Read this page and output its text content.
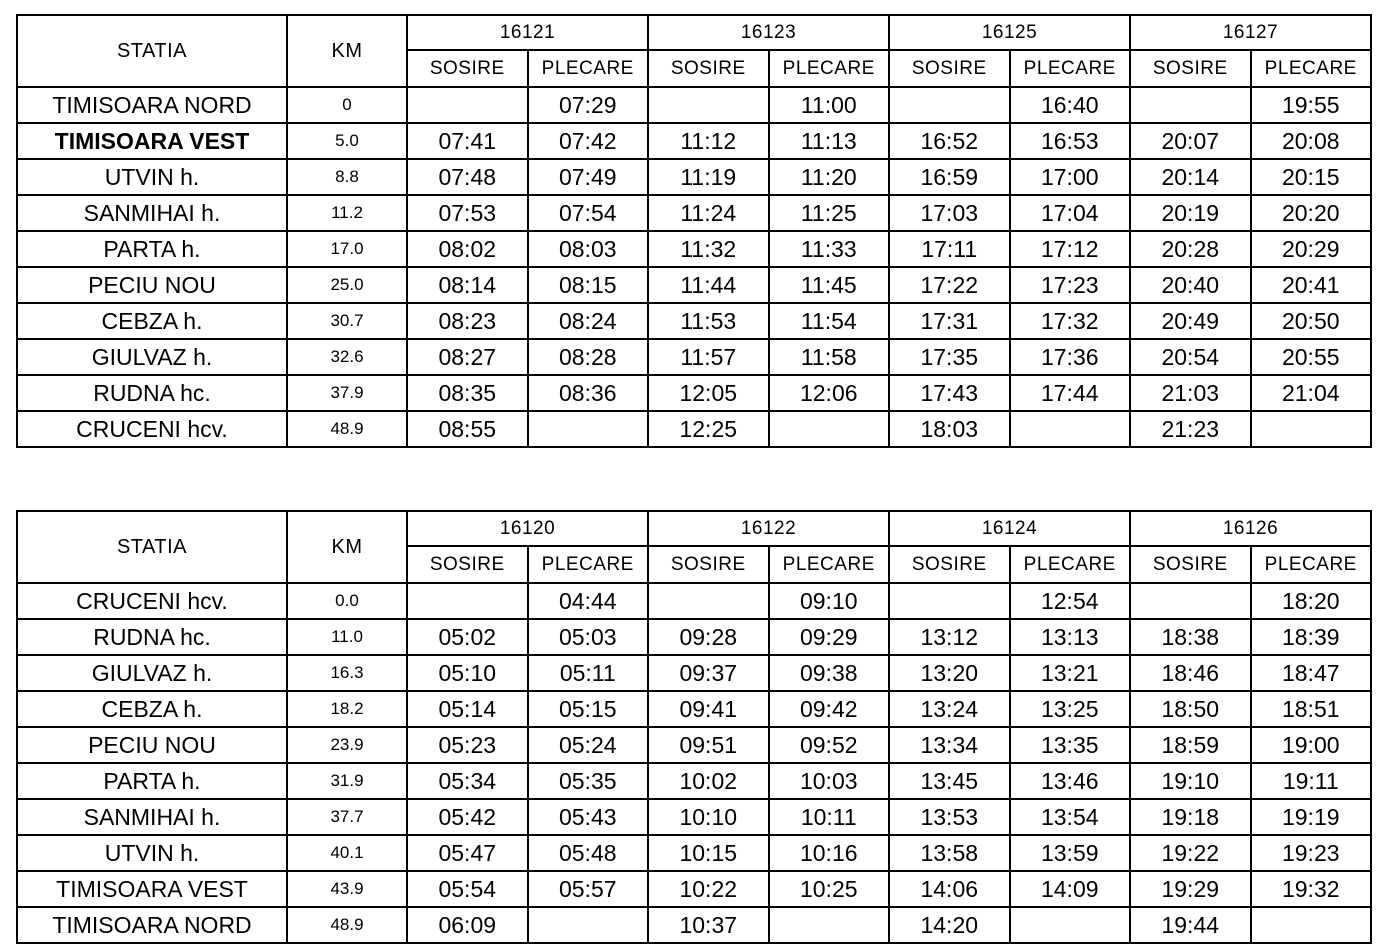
STATIA	KM	16121		16123		16125		16127	
		SOSIRE	PLECARE	SOSIRE	PLECARE	SOSIRE	PLECARE	SOSIRE	PLECARE
TIMISOARA NORD	0		07:29		11:00		16:40		19:55
TIMISOARA VEST	5.0	07:41	07:42	11:12	11:13	16:52	16:53	20:07	20:08
UTVIN h.	8.8	07:48	07:49	11:19	11:20	16:59	17:00	20:14	20:15
SANMIHAI h.	11.2	07:53	07:54	11:24	11:25	17:03	17:04	20:19	20:20
PARTA h.	17.0	08:02	08:03	11:32	11:33	17:11	17:12	20:28	20:29
PECIU NOU	25.0	08:14	08:15	11:44	11:45	17:22	17:23	20:40	20:41
CEBZA h.	30.7	08:23	08:24	11:53	11:54	17:31	17:32	20:49	20:50
GIULVAZ h.	32.6	08:27	08:28	11:57	11:58	17:35	17:36	20:54	20:55
RUDNA hc.	37.9	08:35	08:36	12:05	12:06	17:43	17:44	21:03	21:04
CRUCENI hcv.	48.9	08:55		12:25		18:03		21:23	
STATIA	KM	16120		16122		16124		16126	
		SOSIRE	PLECARE	SOSIRE	PLECARE	SOSIRE	PLECARE	SOSIRE	PLECARE
CRUCENI hcv.	0.0		04:44		09:10		12:54		18:20
RUDNA hc.	11.0	05:02	05:03	09:28	09:29	13:12	13:13	18:38	18:39
GIULVAZ h.	16.3	05:10	05:11	09:37	09:38	13:20	13:21	18:46	18:47
CEBZA h.	18.2	05:14	05:15	09:41	09:42	13:24	13:25	18:50	18:51
PECIU NOU	23.9	05:23	05:24	09:51	09:52	13:34	13:35	18:59	19:00
PARTA h.	31.9	05:34	05:35	10:02	10:03	13:45	13:46	19:10	19:11
SANMIHAI h.	37.7	05:42	05:43	10:10	10:11	13:53	13:54	19:18	19:19
UTVIN h.	40.1	05:47	05:48	10:15	10:16	13:58	13:59	19:22	19:23
TIMISOARA VEST	43.9	05:54	05:57	10:22	10:25	14:06	14:09	19:29	19:32
TIMISOARA NORD	48.9	06:09		10:37		14:20		19:44	
